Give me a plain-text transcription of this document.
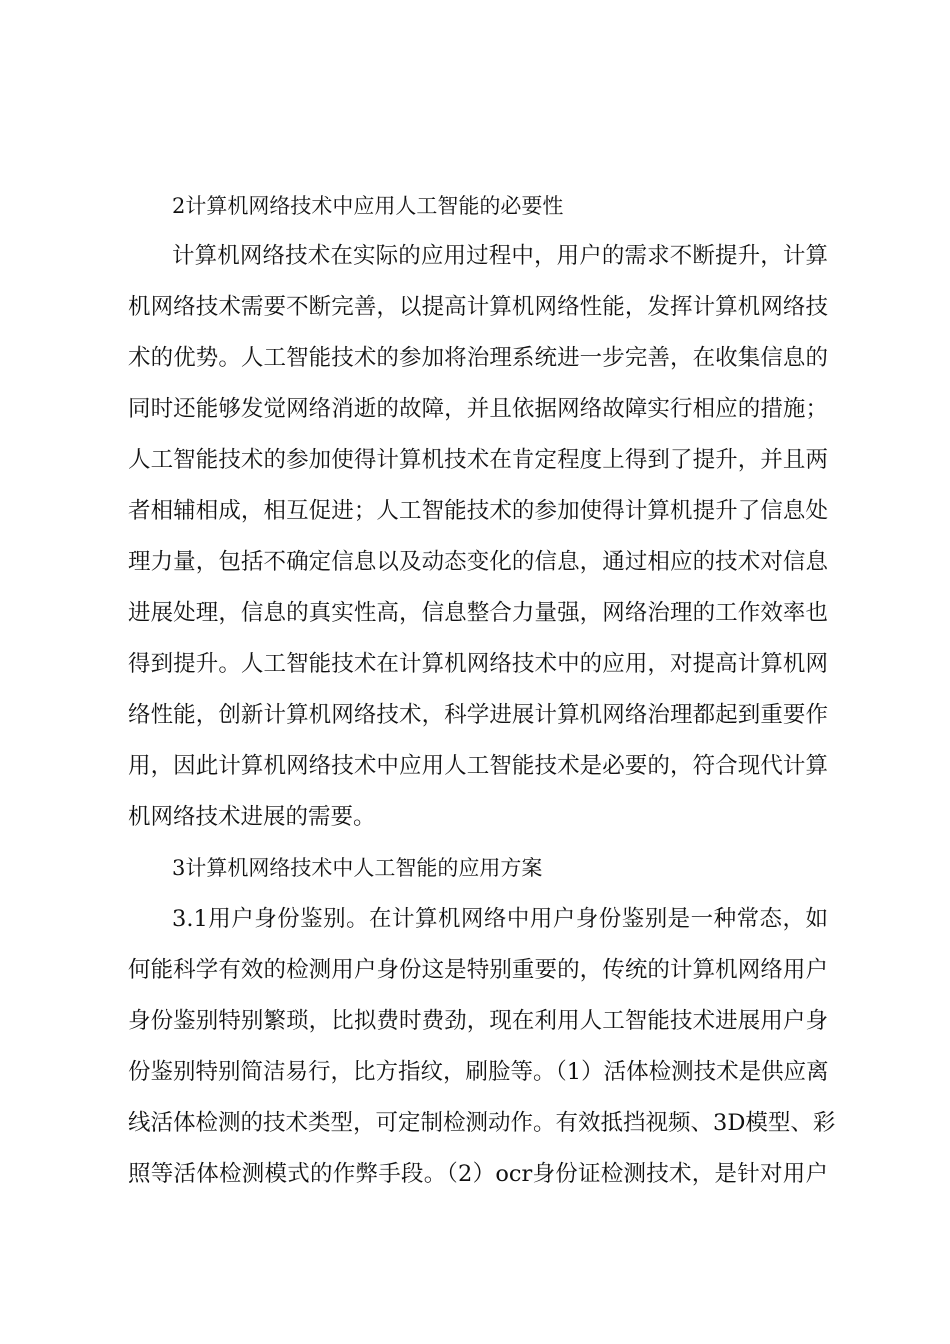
2计算机网络技术中应用人工智能的必要性
计算机网络技术在实际的应用过程中，用户的需求不断提升，计算
机网络技术需要不断完善，以提高计算机网络性能，发挥计算机网络技
术的优势。人工智能技术的参加将治理系统进一步完善，在收集信息的
同时还能够发觉网络消逝的故障，并且依据网络故障实行相应的措施；
人工智能技术的参加使得计算机技术在肯定程度上得到了提升，并且两
者相辅相成，相互促进；人工智能技术的参加使得计算机提升了信息处
理力量，包括不确定信息以及动态变化的信息，通过相应的技术对信息
进展处理，信息的真实性高，信息整合力量强，网络治理的工作效率也
得到提升。人工智能技术在计算机网络技术中的应用，对提高计算机网
络性能，创新计算机网络技术，科学进展计算机网络治理都起到重要作
用，因此计算机网络技术中应用人工智能技术是必要的，符合现代计算
机网络技术进展的需要。
3计算机网络技术中人工智能的应用方案
3.1用户身份鉴别。在计算机网络中用户身份鉴别是一种常态，如
何能科学有效的检测用户身份这是特别重要的，传统的计算机网络用户
身份鉴别特别繁琐，比拟费时费劲，现在利用人工智能技术进展用户身
份鉴别特别简洁易行，比方指纹，刷脸等。（1）活体检测技术是供应离
线活体检测的技术类型，可定制检测动作。有效抵挡视频、3D模型、彩
照等活体检测模式的作弊手段。（2）ocr身份证检测技术，是针对用户
